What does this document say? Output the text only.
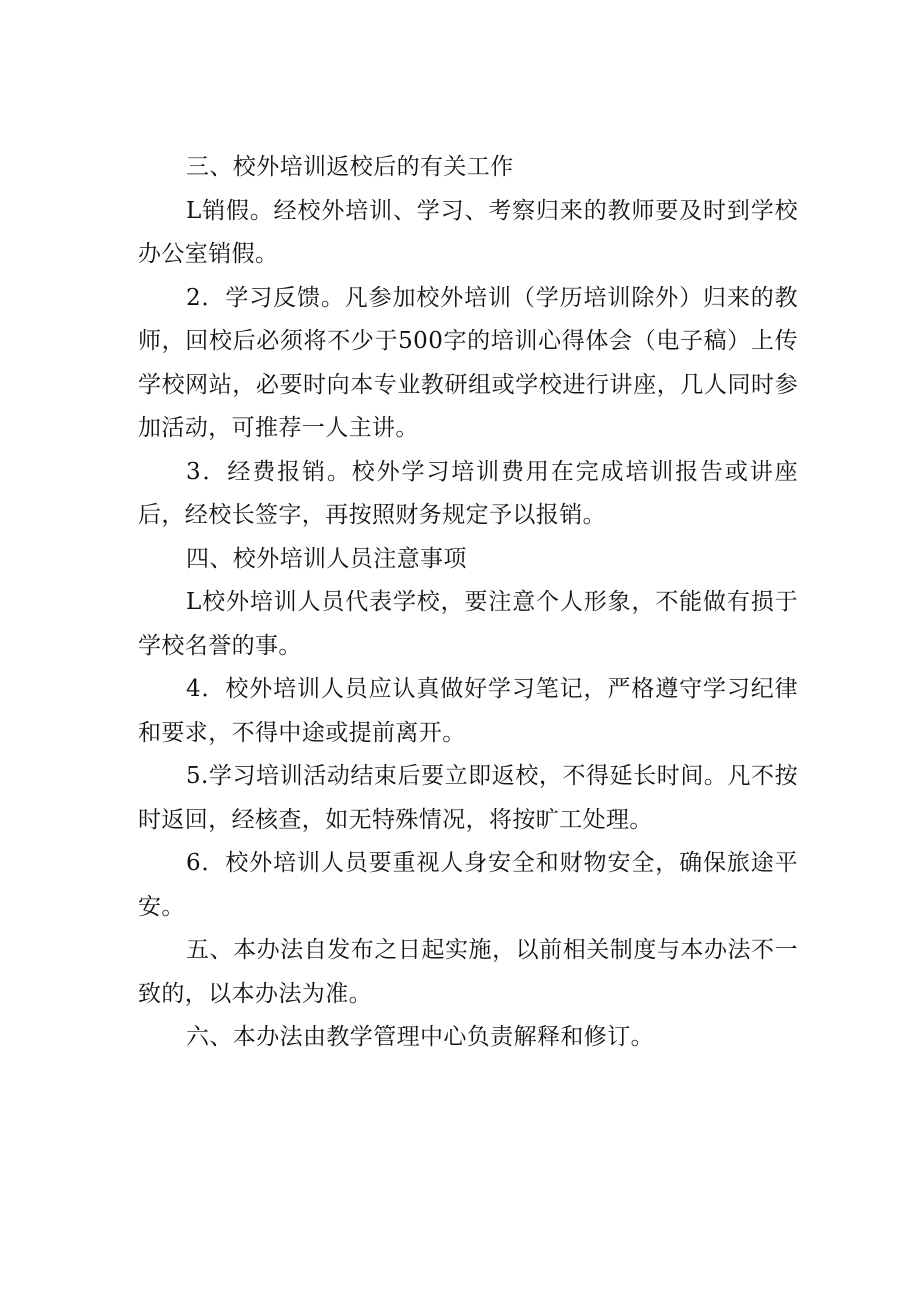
三、校外培训返校后的有关工作

L销假。经校外培训、学习、考察归来的教师要及时到学校办公室销假。

2．学习反馈。凡参加校外培训（学历培训除外）归来的教师，回校后必须将不少于500字的培训心得体会（电子稿）上传学校网站，必要时向本专业教研组或学校进行讲座，几人同时参加活动，可推荐一人主讲。

3．经费报销。校外学习培训费用在完成培训报告或讲座后，经校长签字，再按照财务规定予以报销。

四、校外培训人员注意事项

L校外培训人员代表学校，要注意个人形象，不能做有损于学校名誉的事。

4．校外培训人员应认真做好学习笔记，严格遵守学习纪律和要求，不得中途或提前离开。

5.学习培训活动结束后要立即返校，不得延长时间。凡不按时返回，经核查，如无特殊情况，将按旷工处理。

6．校外培训人员要重视人身安全和财物安全，确保旅途平安。

五、本办法自发布之日起实施，以前相关制度与本办法不一致的，以本办法为准。

六、本办法由教学管理中心负责解释和修订。
